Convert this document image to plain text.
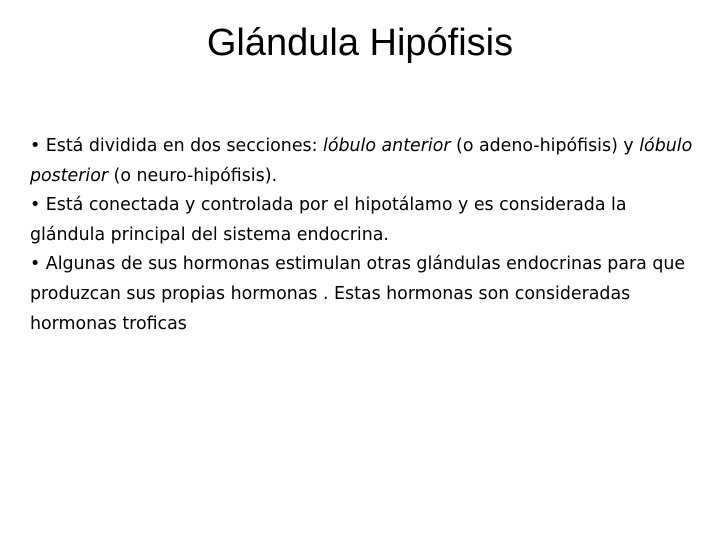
Glándula Hipófisis

• Está dividida en dos secciones: lóbulo anterior (o adeno-hipófisis) y lóbulo posterior (o neuro-hipófisis).

• Está conectada y controlada por el hipotálamo y es considerada la glándula principal del sistema endocrina.

• Algunas de sus hormonas estimulan otras glándulas endocrinas para que produzcan sus propias hormonas . Estas hormonas son consideradas hormonas troficas
